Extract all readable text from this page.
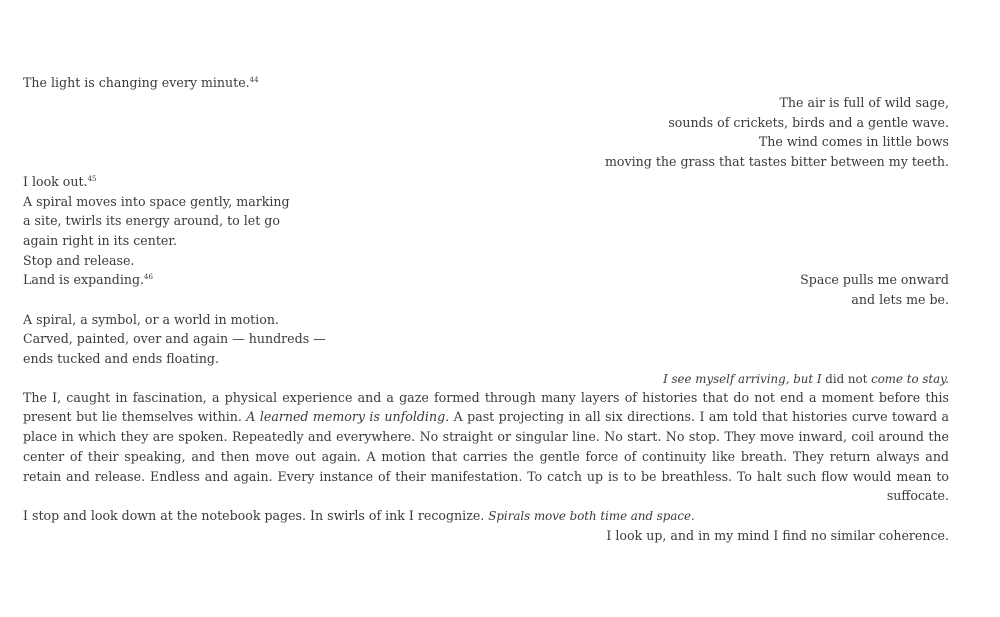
The light is changing every minute.$^{44}$
The air is full of wild sage,
sounds of crickets, birds and a gentle wave.
The wind comes in little bows
moving the grass that tastes bitter between my teeth.
I look out.$^{45}$
A spiral moves into space gently, marking
a site, twirls its energy around, to let go
again right in its center.
Stop and release.
Land is expanding.$^{46}$	Space pulls me onward
and lets me be.
A spiral, a symbol, or a world in motion.
Carved, painted, over and again — hundreds —
ends tucked and ends floating.
I see myself arriving, but I did not come to stay.
The I, caught in fascination, a physical experience and a gaze formed through many layers of histories that do not end a moment before this present but lie themselves within. A learned memory is unfolding. A past projecting in all six directions. I am told that histories curve toward a place in which they are spoken. Repeatedly and everywhere. No straight or singular line. No start. No stop. They move inward, coil around the center of their speaking, and then move out again. A motion that carries the gentle force of continuity like breath. They return always and retain and release. Endless and again. Every instance of their manifestation. To catch up is to be breathless. To halt such flow would mean to suffocate.
I stop and look down at the notebook pages. In swirls of ink I recognize. Spirals move both time and space.
I look up, and in my mind I find no similar coherence.
